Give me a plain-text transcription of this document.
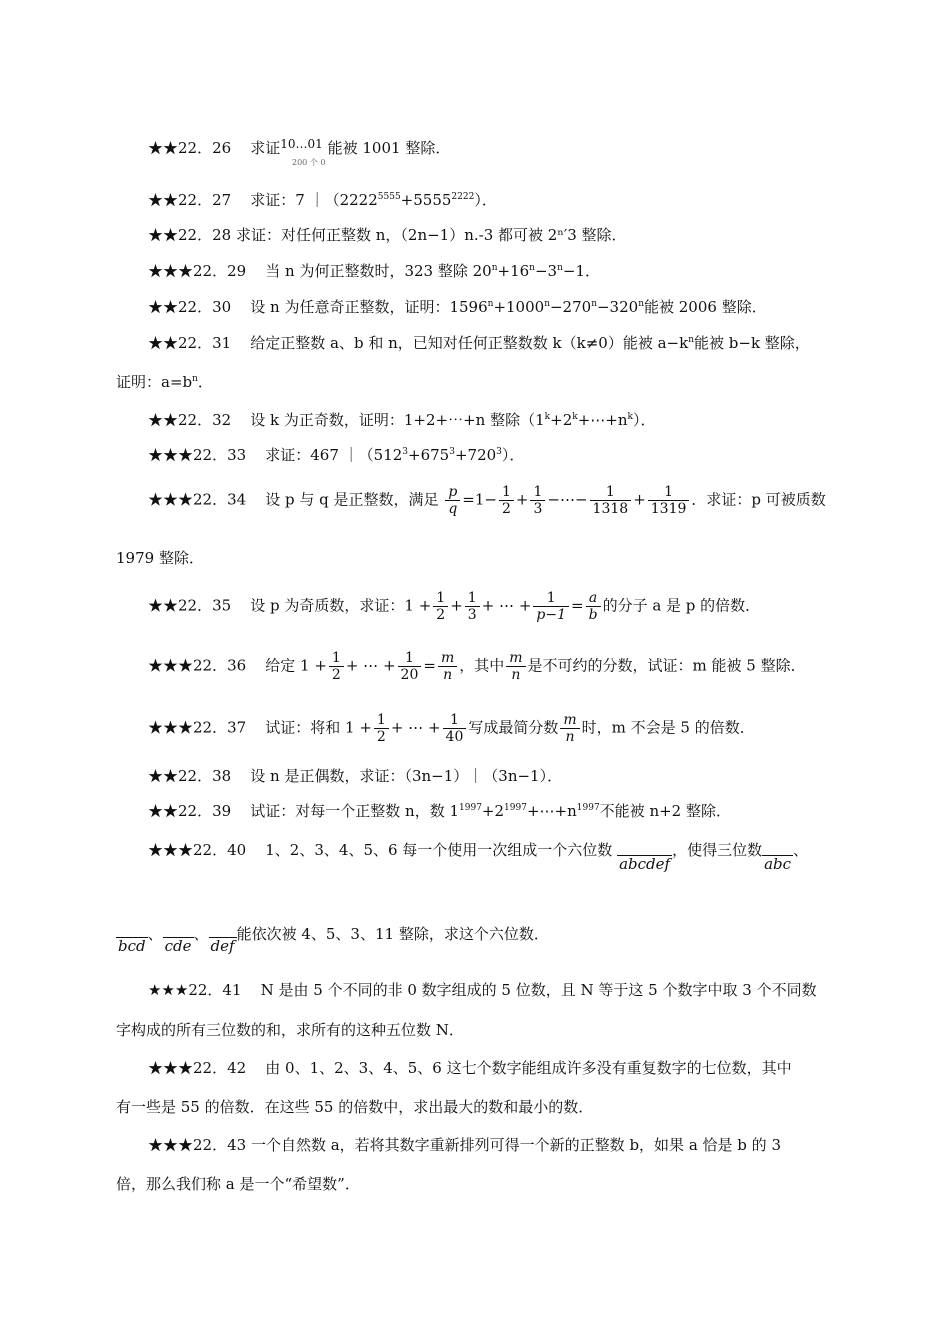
★★22．26 求证$^{10\dots 01}$ 能被 1001 整除．
200 个 0
★★22．27 求证：7 $|(2222^{5555}+5555^{2222})$．
★★22．28 求证：对任何正整数 n，（2n−1）n.-3 都可被 2ⁿ′3 整除．
★★★22．29 当 n 为何正整数时，323 整除 $20^n+16^n-3^n-1$．
★★22．30 设 n 为任意奇正整数，证明：$1596^n+1000^n-270^n-320^n$能被 2006 整除．
★★22．31 给定正整数 a、b 和 n，已知对任何正整数数 k（k≠0）能被 $a-k^n$能被 b−k 整除，
证明：$a=b^n$．
★★22．32 设 k 为正奇数，证明：1+2+⋯+n 整除$(1^k+2^k+\cdots+n^k)$．
★★★22．33 求证：467 $|(512^3+675^3+720^3)$．
★★★22．34 设 p 与 q 是正整数，满足 $\frac{p}{q} =1- \frac{1}{2} + \frac{1}{3}$ −⋯− $\frac{1}{1318} + \frac{1}{1319}$ ．求证：p 可被质数
1979 整除．
★★22．35 设 p 为奇质数，求证：$1 + \frac{1}{2} + \frac{1}{3}$ + ⋯ + $\frac{1}{p-1} = \frac{a}{b}$ 的分子 a 是 p 的倍数．
★★★22．36 给定 $1 + \frac{1}{2}$ + ⋯ + $\frac{1}{20} = \frac{m}{n}$ ，其中 $\frac{m}{n}$ 是不可约的分数，试证：m 能被 5 整除．
★★★22．37 试证：将和 $1 + \frac{1}{2}$ + ⋯ + $\frac{1}{40}$ 写成最简分数 $\frac{m}{n}$ 时，m 不会是 5 的倍数．
★★22．38 设 n 是正偶数，求证：（3n−1）｜（3n−1）．
★★22．39 试证：对每一个正整数 n，数 $1^{1997}+2^{1997}+\cdots+n^{1997}$不能被 n+2 整除．
★★★22．40 1、2、3、4、5、6 每一个使用一次组成一个六位数 abcdef，使得三位数abc、
bcd、cde、def能依次被 4、5、3、11 整除，求这个六位数．
★★★22．41 N 是由 5 个不同的非 0 数字组成的 5 位数，且 N 等于这 5 个数字中取 3 个不同数
字构成的所有三位数的和，求所有的这种五位数 N．
★★★22．42 由 0、1、2、3、4、5、6 这七个数字能组成许多没有重复数字的七位数，其中
有一些是 55 的倍数．在这些 55 的倍数中，求出最大的数和最小的数．
★★★22．43 一个自然数 a，若将其数字重新排列可得一个新的正整数 b，如果 a 恰是 b 的 3
倍，那么我们称 a 是一个“希望数”．
